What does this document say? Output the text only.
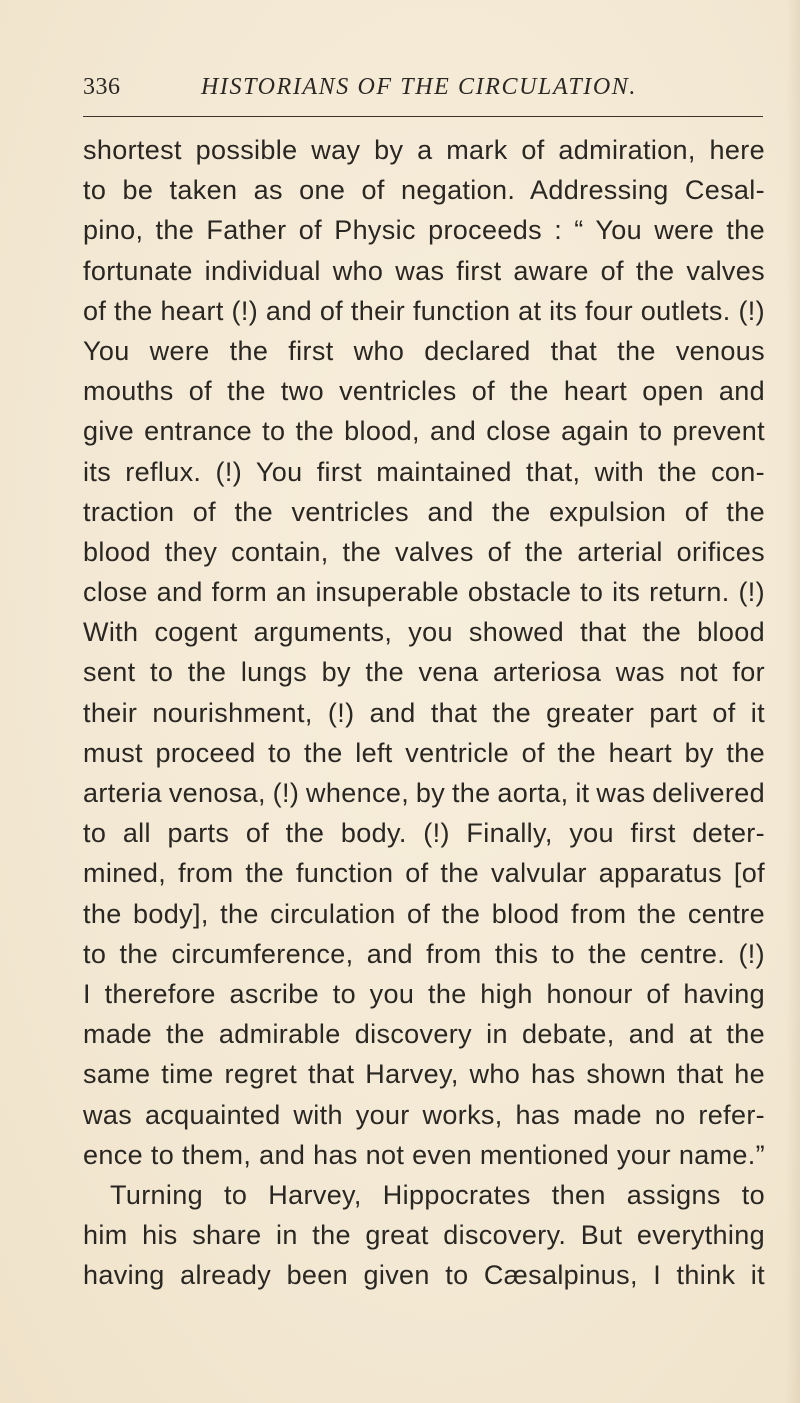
336	HISTORIANS OF THE CIRCULATION.
shortest possible way by a mark of admiration, here
to be taken as one of negation. Addressing Cesal-
pino, the Father of Physic proceeds : “ You were the
fortunate individual who was first aware of the valves
of the heart (!) and of their function at its four outlets. (!)
You were the first who declared that the venous
mouths of the two ventricles of the heart open and
give entrance to the blood, and close again to prevent
its reflux. (!) You first maintained that, with the con-
traction of the ventricles and the expulsion of the
blood they contain, the valves of the arterial orifices
close and form an insuperable obstacle to its return. (!)
With cogent arguments, you showed that the blood
sent to the lungs by the vena arteriosa was not for
their nourishment, (!) and that the greater part of it
must proceed to the left ventricle of the heart by the
arteria venosa, (!) whence, by the aorta, it was delivered
to all parts of the body. (!) Finally, you first deter-
mined, from the function of the valvular apparatus [of
the body], the circulation of the blood from the centre
to the circumference, and from this to the centre. (!)
I therefore ascribe to you the high honour of having
made the admirable discovery in debate, and at the
same time regret that Harvey, who has shown that he
was acquainted with your works, has made no refer-
ence to them, and has not even mentioned your name.”
Turning to Harvey, Hippocrates then assigns to
him his share in the great discovery. But everything
having already been given to Cæsalpinus, I think it
